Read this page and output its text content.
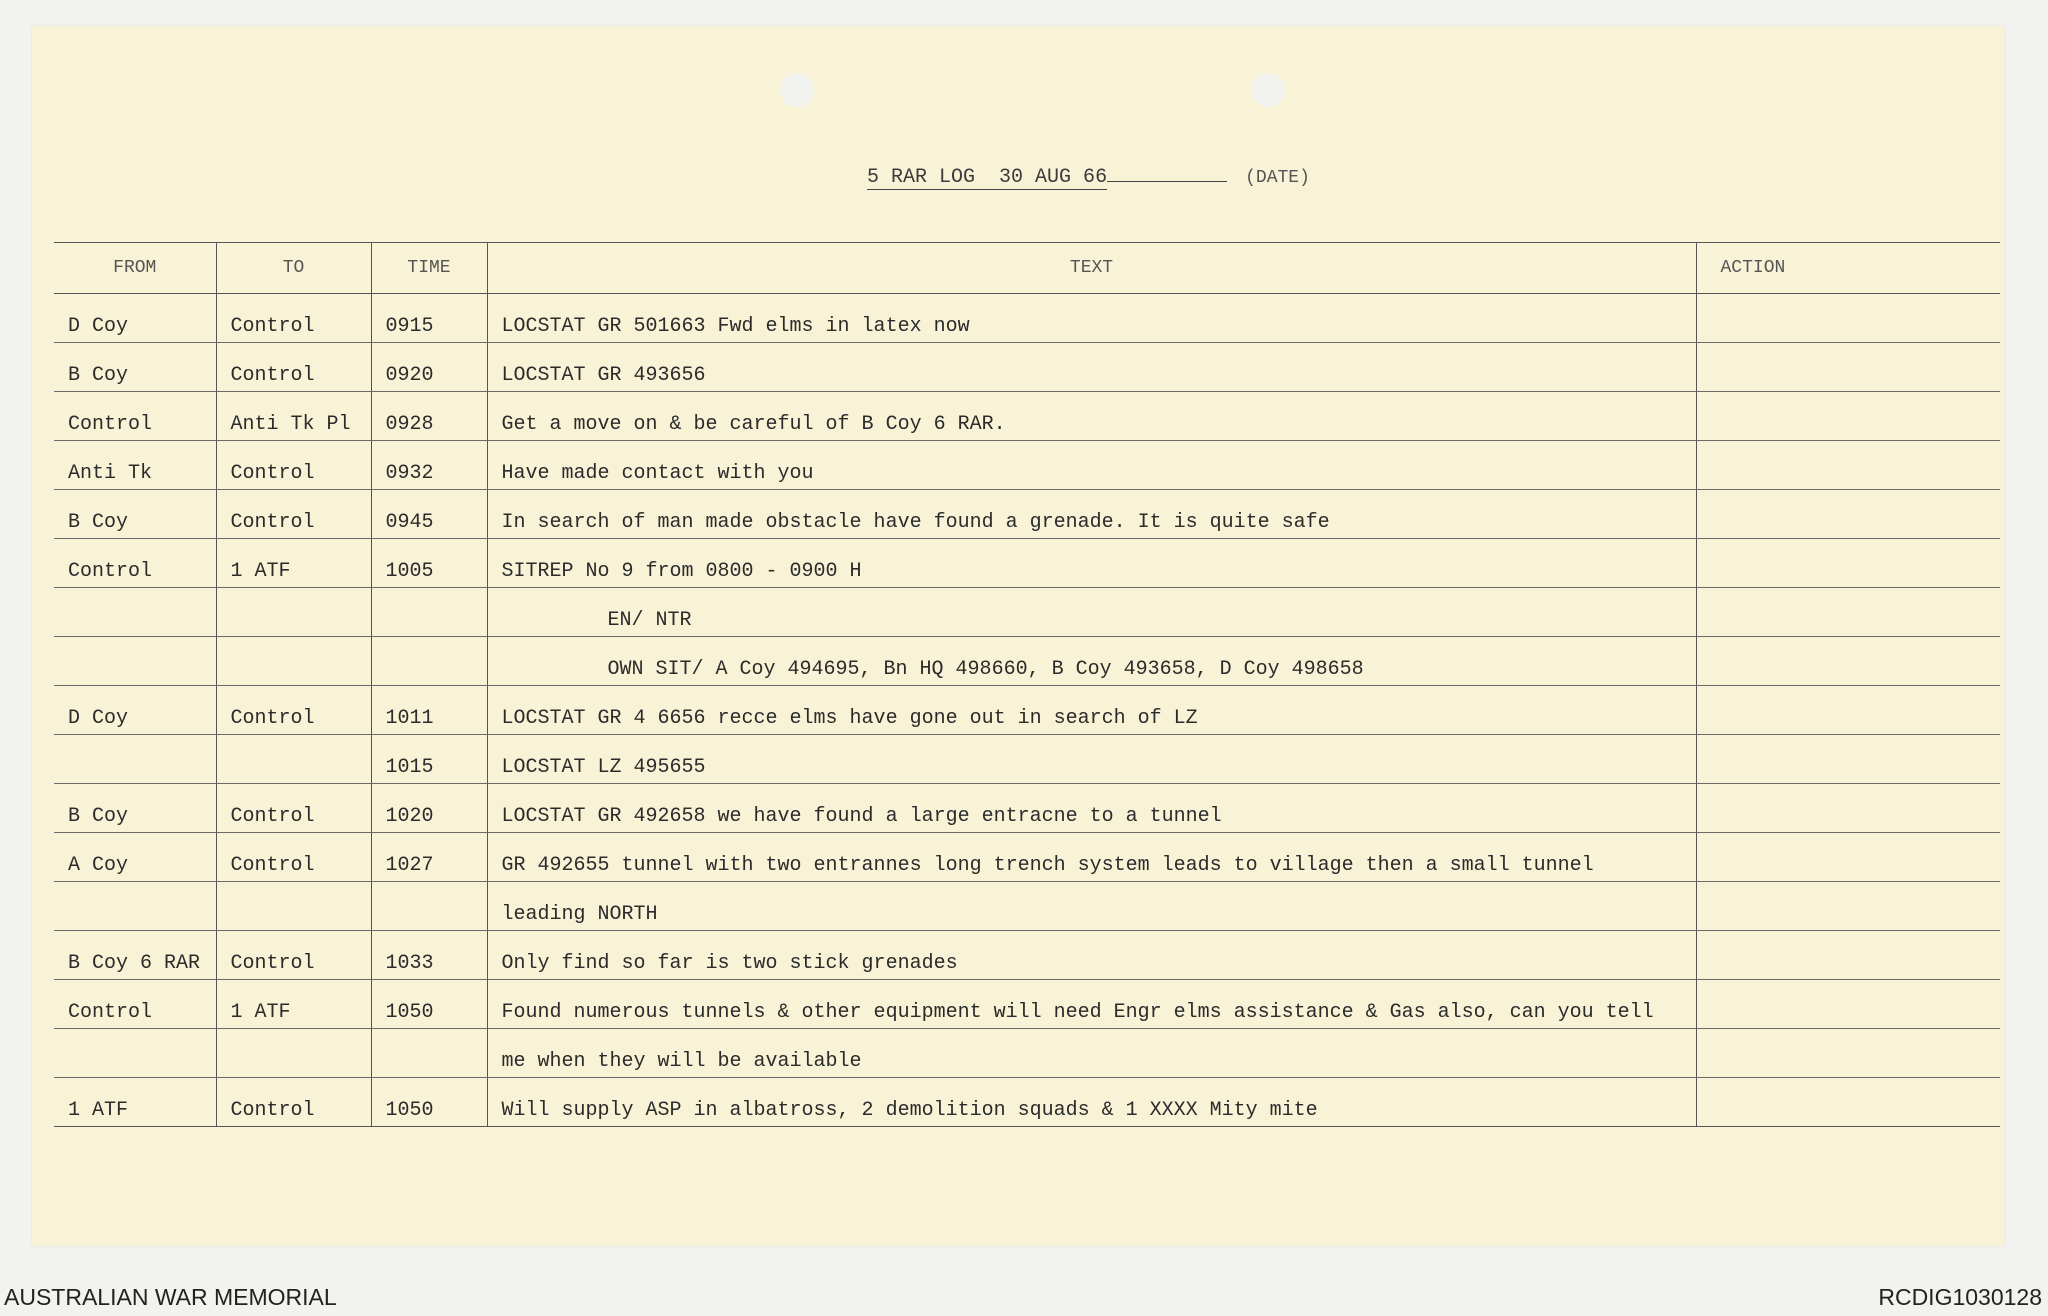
5 RAR LOG 30 AUG 66	(DATE)
FROM	TO	TIME	TEXT	ACTION
D Coy	Control	0915	LOCSTAT GR 501663 Fwd elms in latex now	
B Coy	Control	0920	LOCSTAT GR 493656	
Control	Anti Tk Pl	0928	Get a move on & be careful of B Coy 6 RAR.	
Anti Tk	Control	0932	Have made contact with you	
B Coy	Control	0945	In search of man made obstacle have found a grenade. It is quite safe	
Control	1 ATF	1005	SITREP No 9 from 0800 - 0900 H	
			EN/ NTR	
			OWN SIT/ A Coy 494695, Bn HQ 498660, B Coy 493658, D Coy 498658	
D Coy	Control	1011	LOCSTAT GR 4 6656 recce elms have gone out in search of LZ	
		1015	LOCSTAT LZ 495655	
B Coy	Control	1020	LOCSTAT GR 492658 we have found a large entracne to a tunnel	
A Coy	Control	1027	GR 492655 tunnel with two entrannes long trench system leads to village then a small tunnel	
			leading NORTH	
B Coy 6 RAR	Control	1033	Only find so far is two stick grenades	
Control	1 ATF	1050	Found numerous tunnels & other equipment will need Engr elms assistance & Gas also, can you tell	
			me when they will be available	
1 ATF	Control	1050	Will supply ASP in albatross, 2 demolition squads & 1 XXXX Mity mite	
AUSTRALIAN WAR MEMORIAL	RCDIG1030128
